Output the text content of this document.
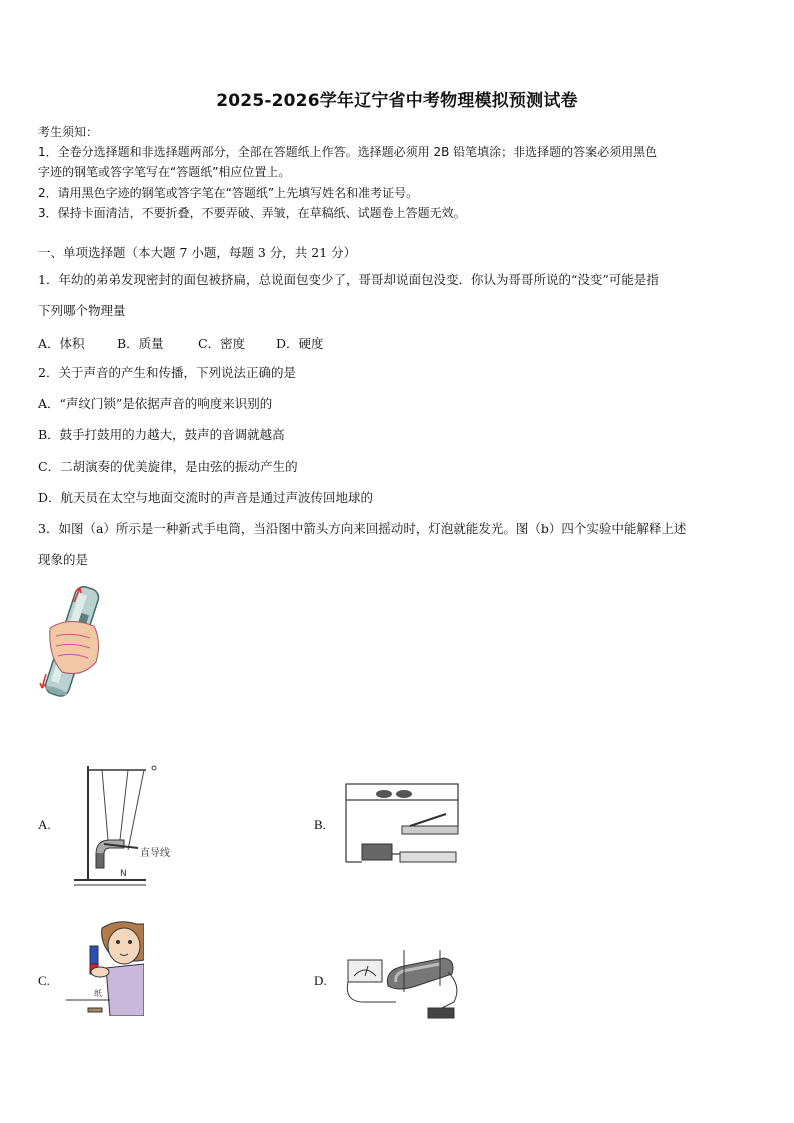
2025-2026学年辽宁省中考物理模拟预测试卷
考生须知：
1．全卷分选择题和非选择题两部分，全部在答题纸上作答。选择题必须用 2B 铅笔填涂；非选择题的答案必须用黑色
字迹的钢笔或答字笔写在“答题纸”相应位置上。
2．请用黑色字迹的钢笔或答字笔在“答题纸”上先填写姓名和准考证号。
3．保持卡面清洁，不要折叠，不要弄破、弄皱，在草稿纸、试题卷上答题无效。
一、单项选择题（本大题 7 小题，每题 3 分，共 21 分）
1．年幼的弟弟发现密封的面包被挤扁，总说面包变少了，哥哥却说面包没变．你认为哥哥所说的“没变”可能是指
下列哪个物理量
A．体积	B．质量	C．密度 D．硬度
2．关于声音的产生和传播，下列说法正确的是
A．“声纹门锁”是依据声音的响度来识别的
B．鼓手打鼓用的力越大，鼓声的音调就越高
C．二胡演奏的优美旋律，是由弦的振动产生的
D．航天员在太空与地面交流时的声音是通过声波传回地球的
3．如图（a）所示是一种新式手电筒，当沿图中箭头方向来回摇动时，灯泡就能发光。图（b）四个实验中能解释上述
现象的是
A.	B.
C.	D.
直导线
N
纸
